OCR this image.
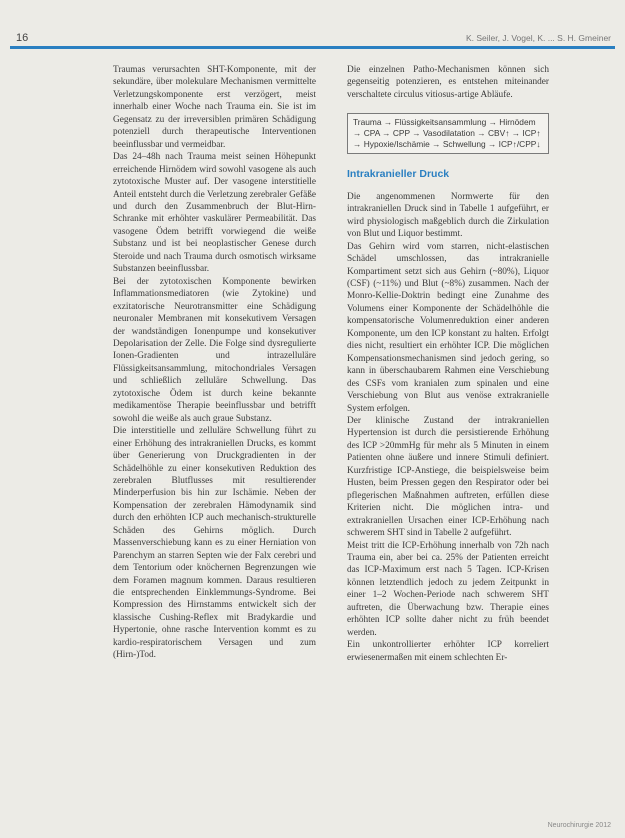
16	K. Seiler, J. Vogel, K. ... S. H. Gmeiner

Traumas verursachten SHT-Komponente, mit der sekundäre, über molekulare Mechanismen vermittelte Verletzungskomponente erst verzögert, meist innerhalb einer Woche nach Trauma ein. Sie ist im Gegensatz zu der irreversiblen primären Schädigung potenziell durch therapeutische Interventionen beeinflussbar und vermeidbar.

Das 24–48h nach Trauma meist seinen Höhepunkt erreichende Hirnödem wird sowohl vasogene als auch zytotoxische Muster auf. Der vasogene interstitielle Anteil entsteht durch die Verletzung zerebraler Gefäße und durch den Zusammenbruch der Blut-Hirn-Schranke mit erhöhter vaskulärer Permeabilität. Das vasogene Ödem betrifft vorwiegend die weiße Substanz und ist bei neoplastischer Genese durch Steroide und nach Trauma durch osmotisch wirksame Substanzen beeinflussbar.

Bei der zytotoxischen Komponente bewirken Inflammationsmediatoren (wie Zytokine) und exzitatorische Neurotransmitter eine Schädigung neuronaler Membranen mit konsekutivem Versagen der wandständigen Ionenpumpe und konsekutiver Depolarisation der Zelle. Die Folge sind dysregulierte Ionen-Gradienten und intrazelluläre Flüssigkeitsansammlung, mitochondriales Versagen und schließlich zelluläre Schwellung. Das zytotoxische Ödem ist durch keine bekannte medikamentöse Therapie beeinflussbar und betrifft sowohl die weiße als auch graue Substanz.

Die interstitielle und zelluläre Schwellung führt zu einer Erhöhung des intrakraniellen Drucks, es kommt über Generierung von Druckgradienten in der Schädelhöhle zu einer konsekutiven Reduktion des zerebralen Blutflusses mit resultierender Minderperfusion bis hin zur Ischämie. Neben der Kompensation der zerebralen Hämodynamik sind durch den erhöhten ICP auch mechanisch-strukturelle Schäden des Gehirns möglich. Durch Massenverschiebung kann es zu einer Herniation von Parenchym an starren Septen wie der Falx cerebri und dem Tentorium oder knöchernen Begrenzungen wie dem Foramen magnum kommen. Daraus resultieren die entsprechenden Einklemmungs-Syndrome. Bei Kompression des Hirnstamms entwickelt sich der klassische Cushing-Reflex mit Bradykardie und Hypertonie, ohne rasche Intervention kommt es zu kardio-respiratorischem Versagen und zum (Hirn-)Tod.

Die einzelnen Patho-Mechanismen können sich gegenseitig potenzieren, es entstehen miteinander verschaltete circulus vitiosus-artige Abläufe.

Trauma → Flüssigkeitsansammlung → Hirnödem → CPA → CPP → Vasodilatation → CBV↑ → ICP↑ → Hypoxie/Ischämie → Schwellung → ICP↑/CPP↓
Intrakranieller Druck

Die angenommenen Normwerte für den intrakraniellen Druck sind in Tabelle 1 aufgeführt, er wird physiologisch maßgeblich durch die Zirkulation von Blut und Liquor bestimmt.

Das Gehirn wird vom starren, nicht-elastischen Schädel umschlossen, das intrakranielle Kompartiment setzt sich aus Gehirn (~80%), Liquor (CSF) (~11%) und Blut (~8%) zusammen. Nach der Monro-Kellie-Doktrin bedingt eine Zunahme des Volumens einer Komponente der Schädelhöhle die kompensatorische Volumenreduktion einer anderen Komponente, um den ICP konstant zu halten. Erfolgt dies nicht, resultiert ein erhöhter ICP. Die möglichen Kompensationsmechanismen sind jedoch gering, so kann in überschaubarem Rahmen eine Verschiebung des CSFs vom kranialen zum spinalen und eine Verschiebung von Blut aus venöse extrakranielle System erfolgen.

Der klinische Zustand der intrakraniellen Hypertension ist durch die persistierende Erhöhung des ICP >20mmHg für mehr als 5 Minuten in einem Patienten ohne äußere und innere Stimuli definiert. Kurzfristige ICP-Anstiege, die beispielsweise beim Husten, beim Pressen gegen den Respirator oder bei pflegerischen Maßnahmen auftreten, erfüllen diese Kriterien nicht. Die möglichen intra- und extrakraniellen Ursachen einer ICP-Erhöhung nach schwerem SHT sind in Tabelle 2 aufgeführt.

Meist tritt die ICP-Erhöhung innerhalb von 72h nach Trauma ein, aber bei ca. 25% der Patienten erreicht das ICP-Maximum erst nach 5 Tagen. ICP-Krisen können letztendlich jedoch zu jedem Zeitpunkt in einer 1–2 Wochen-Periode nach schwerem SHT auftreten, die Überwachung bzw. Therapie eines erhöhten ICP sollte daher nicht zu früh beendet werden.

Ein unkontrollierter erhöhter ICP korreliert erwiesenermaßen mit einem schlechten Er-

Neurochirurgie 2012
